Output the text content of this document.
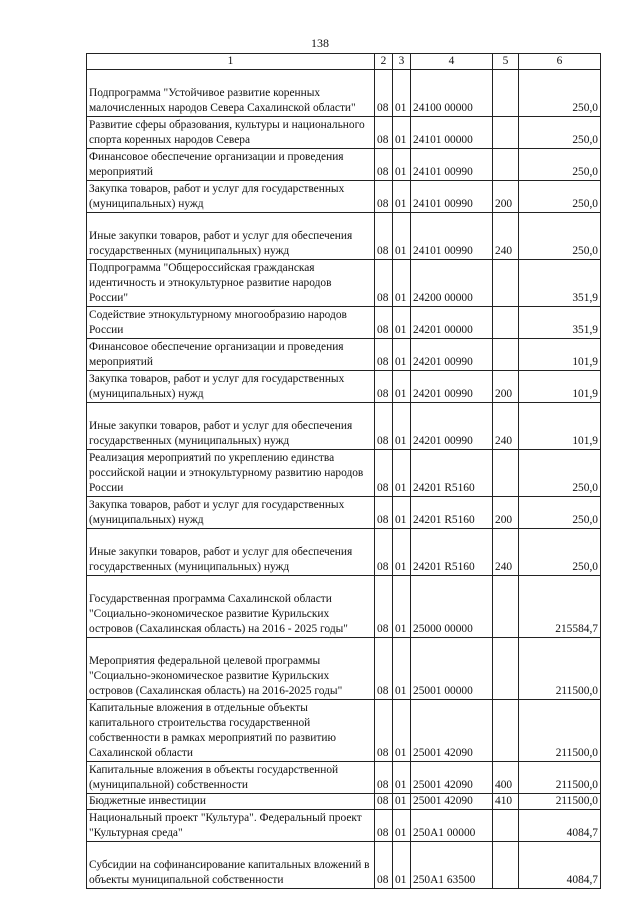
138
1	2	3	4	5	6
Подпрограмма "Устойчивое развитие коренных малочисленных народов Севера Сахалинской области"	08	01	24100 00000		250,0
Развитие сферы образования, культуры и национального спорта коренных народов Севера	08	01	24101 00000		250,0
Финансовое обеспечение организации и проведения мероприятий	08	01	24101 00990		250,0
Закупка товаров, работ и услуг для государственных (муниципальных) нужд	08	01	24101 00990	200	250,0
Иные закупки товаров, работ и услуг для обеспечения государственных (муниципальных) нужд	08	01	24101 00990	240	250,0
Подпрограмма "Общероссийская гражданская идентичность и этнокультурное развитие народов России"	08	01	24200 00000		351,9
Содействие этнокультурному многообразию народов России	08	01	24201 00000		351,9
Финансовое обеспечение организации и проведения мероприятий	08	01	24201 00990		101,9
Закупка товаров, работ и услуг для государственных (муниципальных) нужд	08	01	24201 00990	200	101,9
Иные закупки товаров, работ и услуг для обеспечения государственных (муниципальных) нужд	08	01	24201 00990	240	101,9
Реализация мероприятий по укреплению единства российской нации и этнокультурному развитию народов России	08	01	24201 R5160		250,0
Закупка товаров, работ и услуг для государственных (муниципальных) нужд	08	01	24201 R5160	200	250,0
Иные закупки товаров, работ и услуг для обеспечения государственных (муниципальных) нужд	08	01	24201 R5160	240	250,0
Государственная программа Сахалинской области "Социально-экономическое развитие Курильских островов (Сахалинская область) на 2016 - 2025 годы"	08	01	25000 00000		215584,7
Мероприятия федеральной целевой программы "Социально-экономическое развитие Курильских островов (Сахалинская область) на 2016-2025 годы"	08	01	25001 00000		211500,0
Капитальные вложения в отдельные объекты капитального строительства государственной собственности в рамках мероприятий по развитию Сахалинской области	08	01	25001 42090		211500,0
Капитальные вложения в объекты государственной (муниципальной) собственности	08	01	25001 42090	400	211500,0
Бюджетные инвестиции	08	01	25001 42090	410	211500,0
Национальный проект "Культура". Федеральный проект "Культурная среда"	08	01	250A1 00000		4084,7
Субсидии на софинансирование капитальных вложений в объекты муниципальной собственности	08	01	250A1 63500		4084,7
